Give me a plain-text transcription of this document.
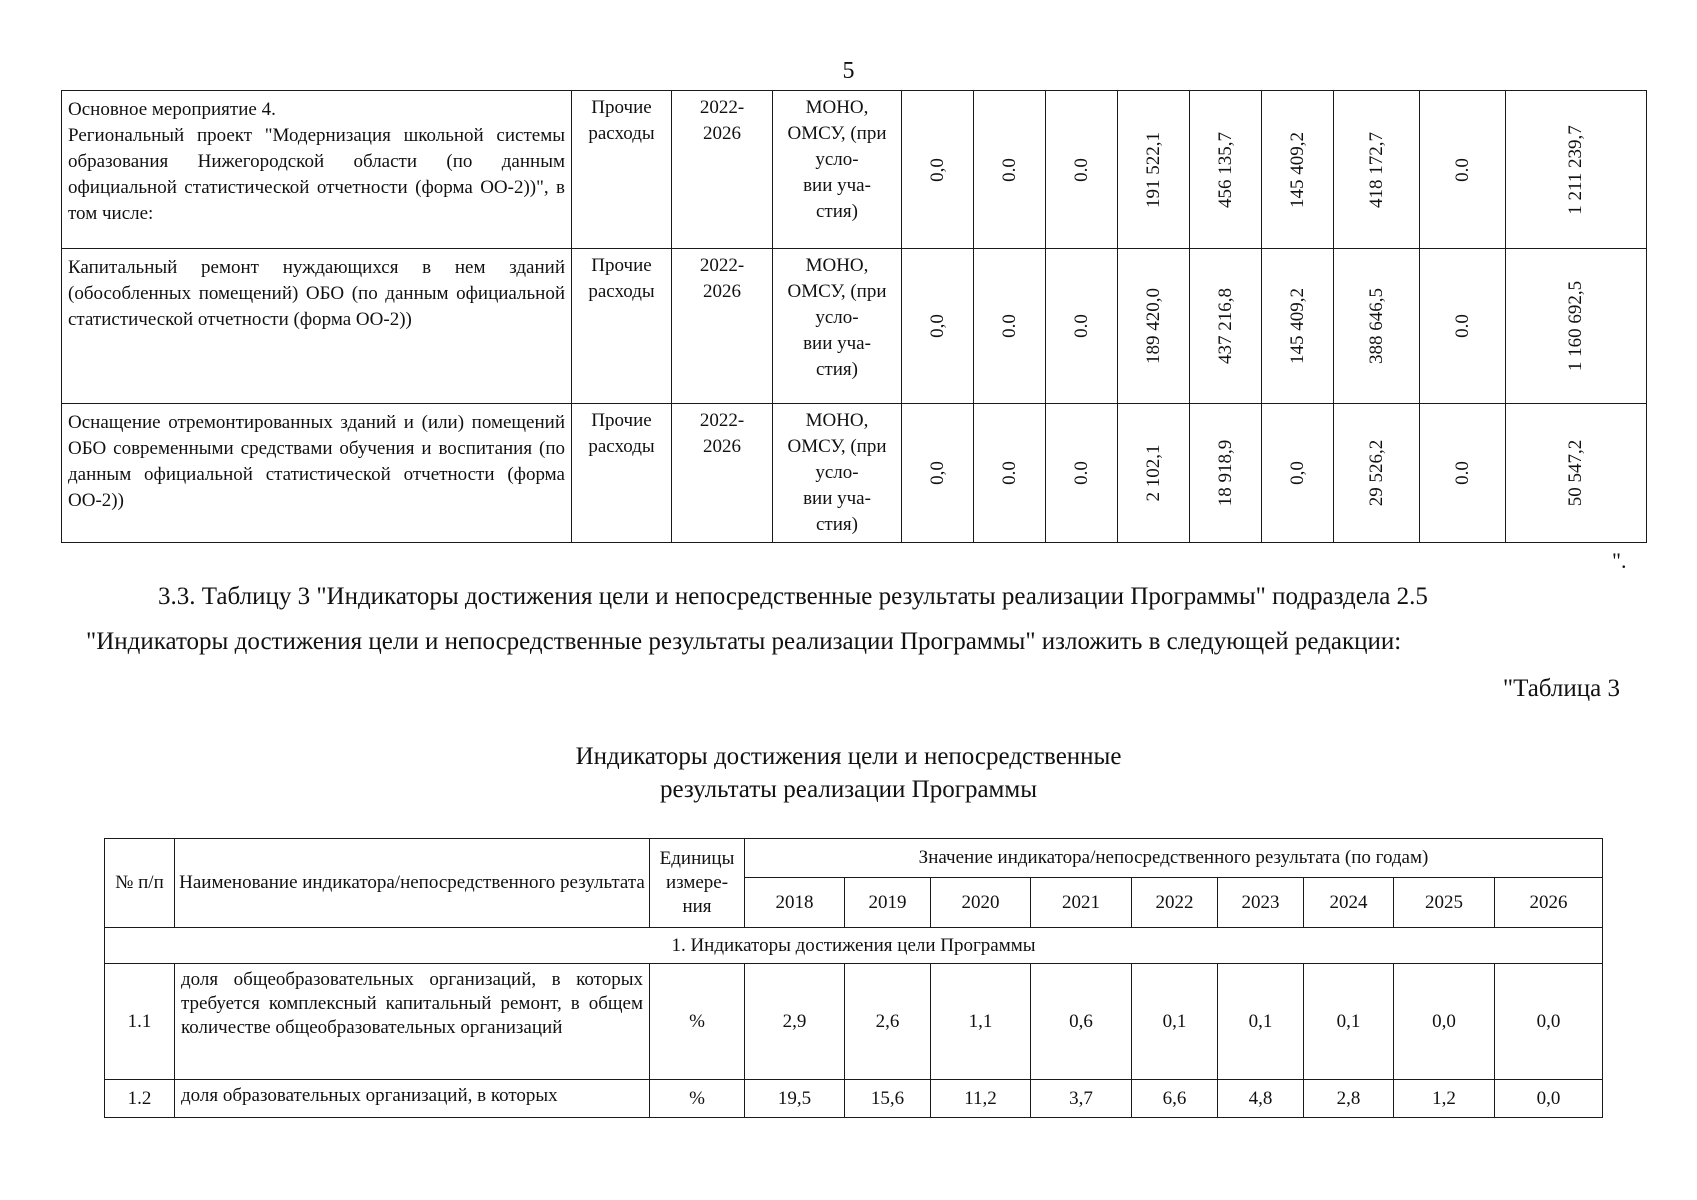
5
Основное мероприятие 4.
Региональный проект "Модернизация школьной системы образования Нижегородской области (по данным официальной статистической отчетности (форма ОО-2))", в том числе:	Прочие расходы	2022-
2026	МОНО, ОМСУ, (при усло-
вии уча-
стия)	0,0	0.0	0.0	191 522,1	456 135,7	145 409,2	418 172,7	0.0	1 211 239,7

Капитальный ремонт нуждающихся в нем зданий (обособленных помещений) ОБО (по данным официальной статистической отчетности (форма ОО-2))	Прочие расходы	2022-
2026	МОНО, ОМСУ, (при усло-
вии уча-
стия)	0,0	0.0	0.0	189 420,0	437 216,8	145 409,2	388 646,5	0.0	1 160 692,5

Оснащение отремонтированных зданий и (или) помещений ОБО современными средствами обучения и воспитания (по данным официальной статистической отчетности (форма ОО-2))	Прочие расходы	2022-
2026	МОНО, ОМСУ, (при усло-
вии уча-
стия)	0,0	0.0	0.0	2 102,1	18 918,9	0,0	29 526,2	0.0	50 547,2
".
3.3. Таблицу 3 "Индикаторы достижения цели и непосредственные результаты реализации Программы" подраздела 2.5
"Индикаторы достижения цели и непосредственные результаты реализации Программы" изложить в следующей редакции:
"Таблица 3
Индикаторы достижения цели и непосредственные
результаты реализации Программы
№ п/п	Наименование индикатора/непосредственного результата	Единицы измере-
ния	Значение индикатора/непосредственного результата (по годам)								
			2018	2019	2020	2021	2022	2023	2024	2025	2026
1. Индикаторы достижения цели Программы											
1.1	доля общеобразовательных организаций, в которых требуется комплексный капитальный ремонт, в общем количестве общеобразовательных организаций	%	2,9	2,6	1,1	0,6	0,1	0,1	0,1	0,0	0,0
1.2	доля образовательных организаций, в которых	%	19,5	15,6	11,2	3,7	6,6	4,8	2,8	1,2	0,0
